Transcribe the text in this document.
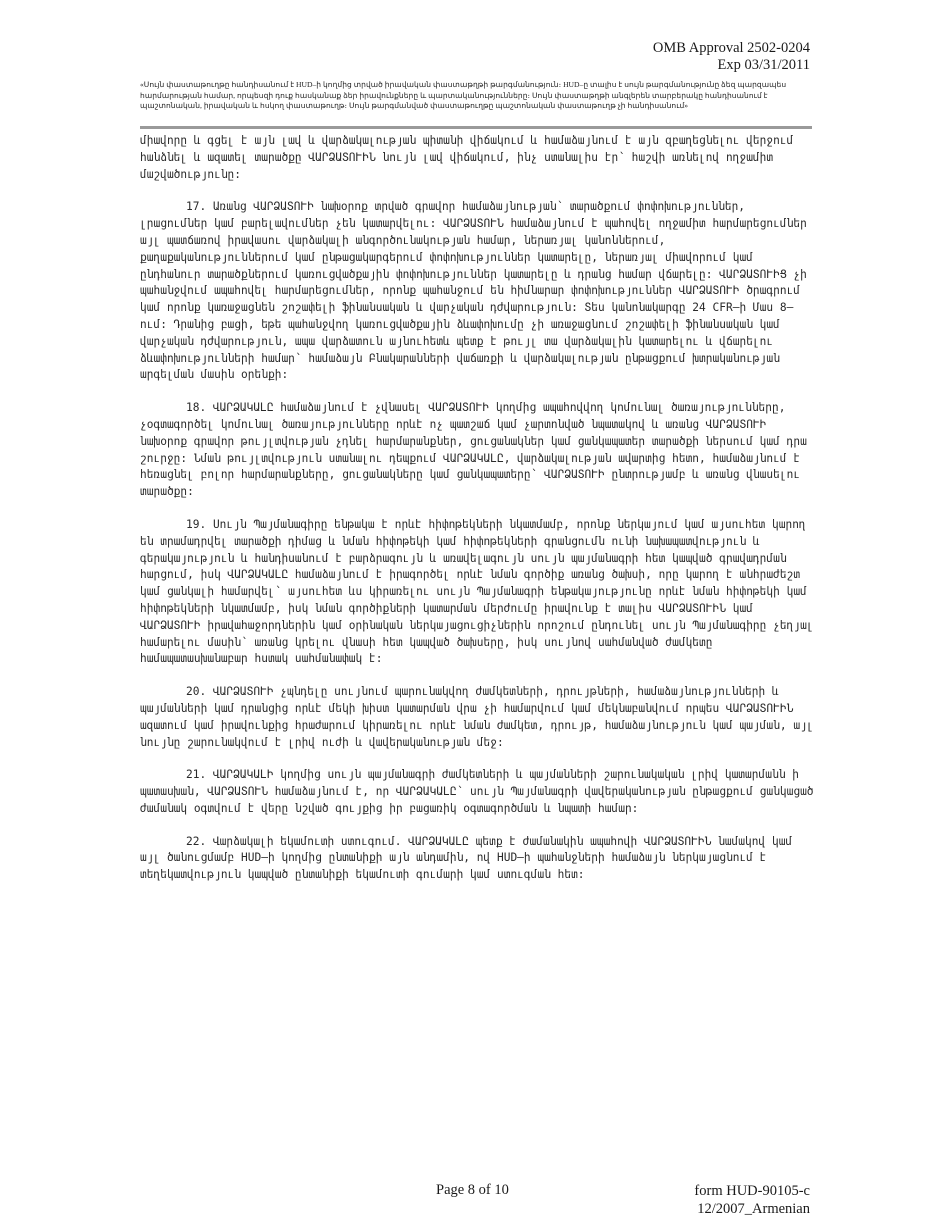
OMB Approval 2502-0204
Exp 03/31/2011
«Սույն փաստաթուղթը հանդիսանում է HUD–ի կողմից տրված իրավական փաստաթղթի թարգմանություն։ HUD–ը տալիս է սույն թարգմանությունը ձեզ պարզապես հարմարության համար, որպեսզի դուք հասկանաք ձեր իրավունքները և պարտականությունները։ Սույն փաստաթղթի անգլերեն տարբերակը հանդիսանում է պաշտոնական, իրավական և հսկող փաստաթուղթ։ Սույն թարգմանված փաստաթուղթը պաշտոնական փաստաթուղթ չի հանդիսանում»

միավորը և գցել է այն լավ և վարձակալության պիտանի վիճակում և համաձայնում է այն զբաղեցնելու վերջում հանձնել և ազատել տարածքը ՎԱՐՁԱՏՈՒԻՆ նույն լավ վիճակում, ինչ ստանալիս էր՝ հաշվի առնելով ողջամիտ մաշվածությունը:

17. Առանց ՎԱՐՁԱՏՈՒԻ նախօրոք տրված գրավոր համաձայնության՝ տարածքում փոփոխություններ, լրացումներ կամ բարելավումներ չեն կատարվելու: ՎԱՐՁԱՏՈՒՆ համաձայնում է պահովել ողջամիտ հարմարեցումներ այլ պատճառով իրավասու վարձակալի անգործունակության համար, ներառյալ կանոններում, քաղաքականություններում կամ ընթացակարգերում փոփոխություններ կատարելը, ներառյալ միավորում կամ ընդհանուր տարածքներում կառուցվածքային փոփոխություններ կատարելը և դրանց համար վճարելը: ՎԱՐՁԱՏՈՒԻՑ չի պահանջվում ապահովել հարմարեցումներ, որոնք պահանջում են հիմնարար փոփոխություններ ՎԱՐՁԱՏՈՒԻ ծրագրում կամ որոնք կառաջացնեն շոշափելի ֆինանսական և վարչական դժվարություն: Տես կանոնակարգը 24 CFR–ի Մաս 8–ում: Դրանից բացի, եթե պահանջվող կառուցվածքային ձևափոխումը չի առաջացնում շոշափելի ֆինանսական կամ վարչական դժվարություն, ապա վարձատուն այնուհետև պետք է թույլ տա վարձակալին կատարելու և վճարելու ձևափոխությունների համար՝ համաձայն Բնակարանների վաճառքի և վարձակալության ընթացքում խտրականության արգելման մասին օրենքի:

18. ՎԱՐՁԱԿԱԼԸ համաձայնում է չվնասել ՎԱՐՁԱՏՈՒԻ կողմից ապահովվող կոմունալ ծառայությունները, չօգտագործել կոմունալ ծառայությունները որևէ ոչ պատշաճ կամ չարտոնված նպատակով և առանց ՎԱՐՁԱՏՈՒԻ նախօրոք գրավոր թույլտվության չդնել հարմարանքներ, ցուցանակներ կամ ցանկապատեր տարածքի ներսում կամ դրա շուրջը: Նման թույլտվություն ստանալու դեպքում ՎԱՐՁԱԿԱԼԸ, վարձակալության ավարտից հետո, համաձայնում է հեռացնել բոլոր հարմարանքները, ցուցանակները կամ ցանկապատերը՝ ՎԱՐՁԱՏՈՒԻ ընտրությամբ և առանց վնասելու տարածքը:

19. Սույն Պայմանագիրը ենթակա է որևէ հիփոթեկների նկատմամբ, որոնք ներկայում կամ այսուհետ կարող են տրամադրվել տարածքի դիմաց և նման հիփոթեկի կամ հիփոթեկների գրանցումն ունի նախապատվություն և գերակայություն և հանդիսանում է բարձրագույն և առավելագույն սույն պայմանագրի հետ կապված գրավադրման հարցում, իսկ ՎԱՐՁԱԿԱԼԸ համաձայնում է իրագործել որևէ նման գործիք առանց ծախսի, որը կարող է անհրաժեշտ կամ ցանկալի համարվել՝ այսուհետ ևս կիրառելու սույն Պայմանագրի ենթակայությունը որևէ նման հիփոթեկի կամ հիփոթեկների նկատմամբ, իսկ նման գործիքների կատարման մերժումը իրավունք է տալիս ՎԱՐՁԱՏՈՒԻՆ կամ ՎԱՐՁԱՏՈՒԻ իրավահաջորդներին կամ օրինական ներկայացուցիչներին որոշում ընդունել սույն Պայմանագիրը չեղյալ համարելու մասին՝ առանց կրելու վնասի հետ կապված ծախսերը, իսկ սույնով սահմանված ժամկետը համապատասխանաբար հստակ սահմանափակ է:

20. ՎԱՐՁԱՏՈՒԻ չպնդելը սույնում պարունակվող ժամկետների, դրույթների, համաձայնությունների և պայմանների կամ դրանցից որևէ մեկի խիստ կատարման վրա չի համարվում կամ մեկնաբանվում որպես ՎԱՐՁԱՏՈՒԻՆ ազատում կամ իրավունքից հրաժարում կիրառելու որևէ նման ժամկետ, դրույթ, համաձայնություն կամ պայման, այլ նույնը շարունակվում է լրիվ ուժի և վավերականության մեջ:

21. ՎԱՐՁԱԿԱԼԻ կողմից սույն պայմանագրի ժամկետների և պայմանների շարունակական լրիվ կատարմանն ի պատասխան, ՎԱՐՁԱՏՈՒՆ համաձայնում է, որ ՎԱՐՁԱԿԱԼԸ՝ սույն Պայմանագրի վավերականության ընթացքում ցանկացած ժամանակ օգտվում է վերը նշված գույքից իր բացառիկ օգտագործման և նպատի համար:

22. Վարձակալի եկամուտի ստուգում. ՎԱՐՁԱԿԱԼԸ պետք է ժամանակին ապահովի ՎԱՐՁԱՏՈՒԻՆ նամակով կամ այլ ծանուցմամբ HUD–ի կողմից ընտանիքի այն անդամին, ով HUD–ի պահանջների համաձայն ներկայացնում է տեղեկատվություն կապված ընտանիքի եկամուտի գումարի կամ ստուգման հետ:

Page 8 of 10	form HUD-90105-c
12/2007_Armenian
